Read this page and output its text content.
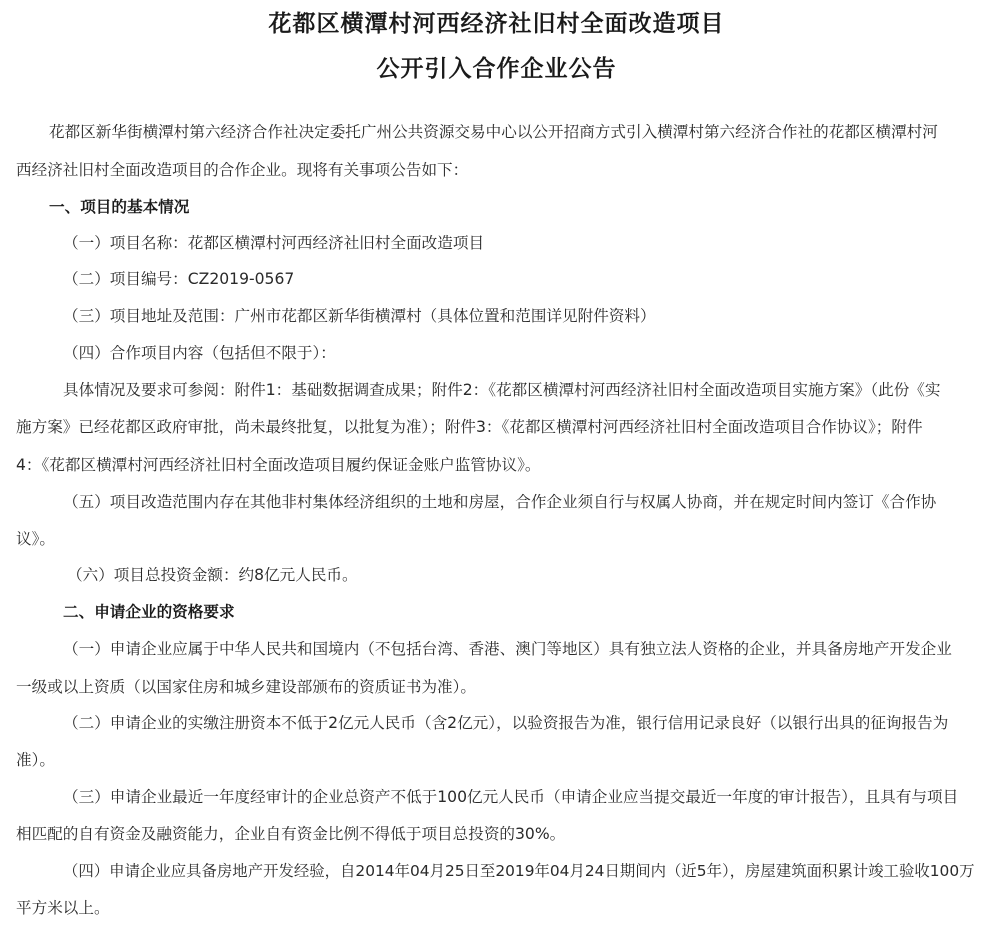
花都区横潭村河西经济社旧村全面改造项目
公开引入合作企业公告
花都区新华街横潭村第六经济合作社决定委托广州公共资源交易中心以公开招商方式引入横潭村第六经济合作社的花都区横潭村河
西经济社旧村全面改造项目的合作企业。现将有关事项公告如下：
一、项目的基本情况
（一）项目名称：花都区横潭村河西经济社旧村全面改造项目
（二）项目编号：CZ2019-0567
（三）项目地址及范围：广州市花都区新华街横潭村（具体位置和范围详见附件资料）
（四）合作项目内容（包括但不限于）：
具体情况及要求可参阅：附件1：基础数据调查成果；附件2：《花都区横潭村河西经济社旧村全面改造项目实施方案》（此份《实
施方案》已经花都区政府审批，尚未最终批复，以批复为准）；附件3：《花都区横潭村河西经济社旧村全面改造项目合作协议》；附件
4：《花都区横潭村河西经济社旧村全面改造项目履约保证金账户监管协议》。
（五）项目改造范围内存在其他非村集体经济组织的土地和房屋，合作企业须自行与权属人协商，并在规定时间内签订《合作协
议》。
（六）项目总投资金额：约8亿元人民币。
二、申请企业的资格要求
（一）申请企业应属于中华人民共和国境内（不包括台湾、香港、澳门等地区）具有独立法人资格的企业，并具备房地产开发企业
一级或以上资质（以国家住房和城乡建设部颁布的资质证书为准）。
（二）申请企业的实缴注册资本不低于2亿元人民币（含2亿元），以验资报告为准，银行信用记录良好（以银行出具的征询报告为
准）。
（三）申请企业最近一年度经审计的企业总资产不低于100亿元人民币（申请企业应当提交最近一年度的审计报告），且具有与项目
相匹配的自有资金及融资能力，企业自有资金比例不得低于项目总投资的30%。
（四）申请企业应具备房地产开发经验，自2014年04月25日至2019年04月24日期间内（近5年），房屋建筑面积累计竣工验收100万
平方米以上。
